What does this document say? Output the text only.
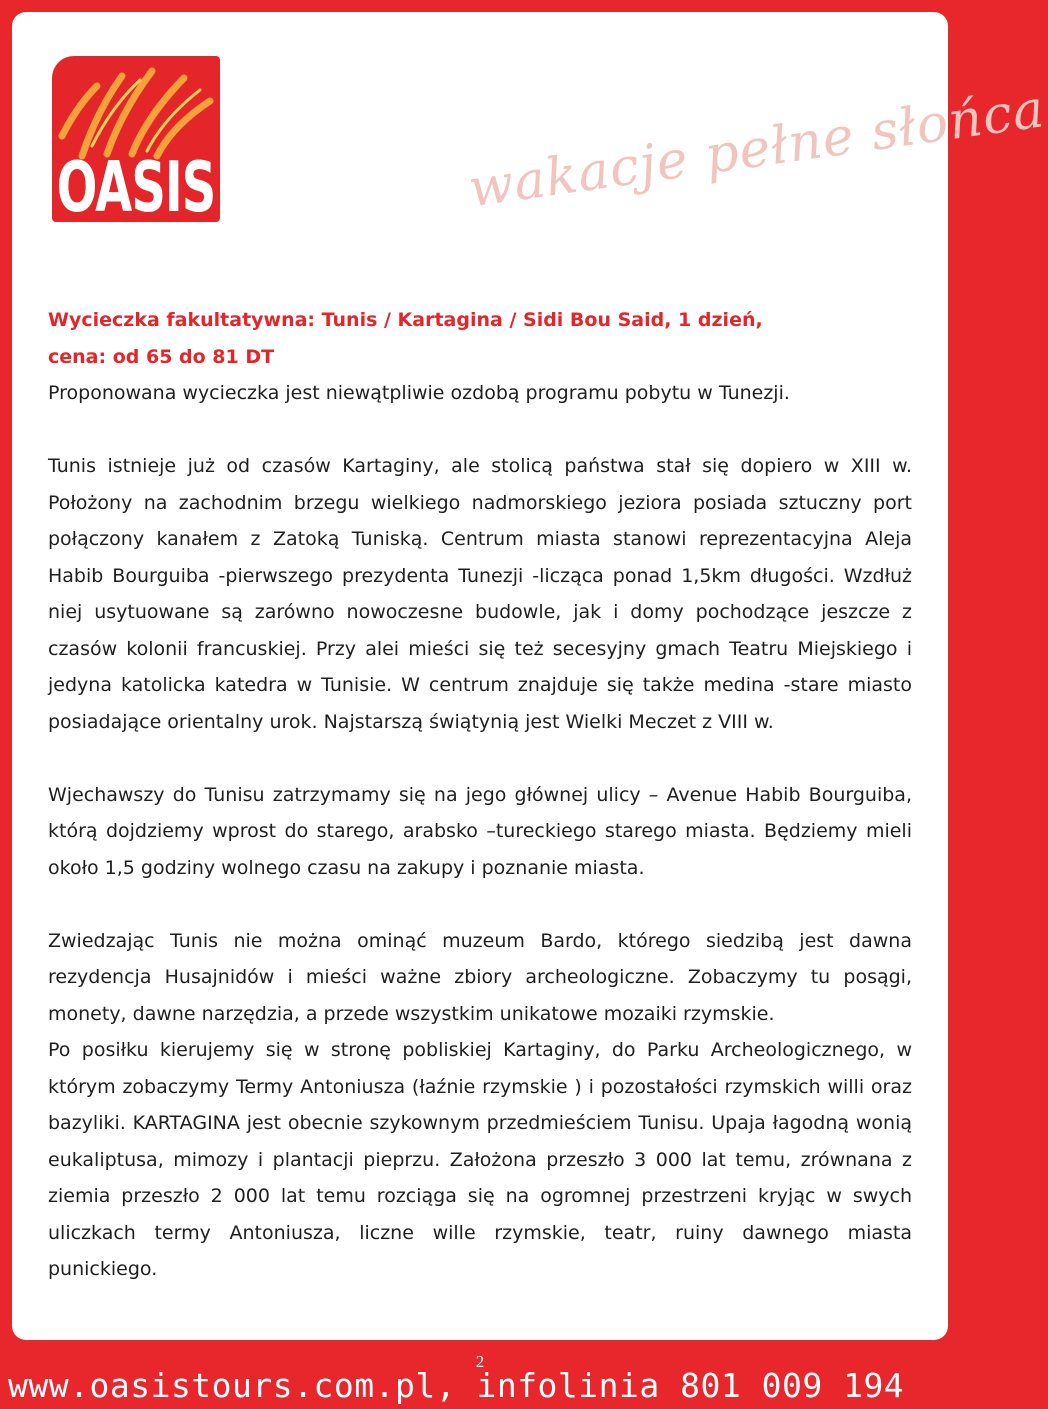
OASIS
TOURS
wakacje pełne słońca

Wycieczka fakultatywna: Tunis / Kartagina / Sidi Bou Said, 1 dzień,

cena: od 65 do 81 DT

Proponowana wycieczka jest niewątpliwie ozdobą programu pobytu w Tunezji.

Tunis istnieje już od czasów Kartaginy, ale stolicą państwa stał się dopiero w XIII w. Położony na zachodnim brzegu wielkiego nadmorskiego jeziora posiada sztuczny port połączony kanałem z Zatoką Tuniską. Centrum miasta stanowi reprezentacyjna Aleja Habib Bourguiba -pierwszego prezydenta Tunezji -licząca ponad 1,5km długości. Wzdłuż niej usytuowane są zarówno nowoczesne budowle, jak i domy pochodzące jeszcze z czasów kolonii francuskiej. Przy alei mieści się też secesyjny gmach Teatru Miejskiego i jedyna katolicka katedra w Tunisie. W centrum znajduje się także medina -stare miasto posiadające orientalny urok. Najstarszą świątynią jest Wielki Meczet z VIII w.

Wjechawszy do Tunisu zatrzymamy się na jego głównej ulicy – Avenue Habib Bourguiba, którą dojdziemy wprost do starego, arabsko –tureckiego starego miasta. Będziemy mieli około 1,5 godziny wolnego czasu na zakupy i poznanie miasta.

Zwiedzając Tunis nie można ominąć muzeum Bardo, którego siedzibą jest dawna rezydencja Husajnidów i mieści ważne zbiory archeologiczne. Zobaczymy tu posągi, monety, dawne narzędzia, a przede wszystkim unikatowe mozaiki rzymskie.

Po posiłku kierujemy się w stronę pobliskiej Kartaginy, do Parku Archeologicznego, w którym zobaczymy Termy Antoniusza (łaźnie rzymskie ) i pozostałości rzymskich willi oraz bazyliki. KARTAGINA jest obecnie szykownym przedmieściem Tunisu. Upaja łagodną wonią eukaliptusa, mimozy i plantacji pieprzu. Założona przeszło 3 000 lat temu, zrównana z ziemia przeszło 2 000 lat temu rozciąga się na ogromnej przestrzeni kryjąc w swych uliczkach termy Antoniusza, liczne wille rzymskie, teatr, ruiny dawnego miasta punickiego.

2
www.oasistours.com.pl, infolinia 801 009 194
